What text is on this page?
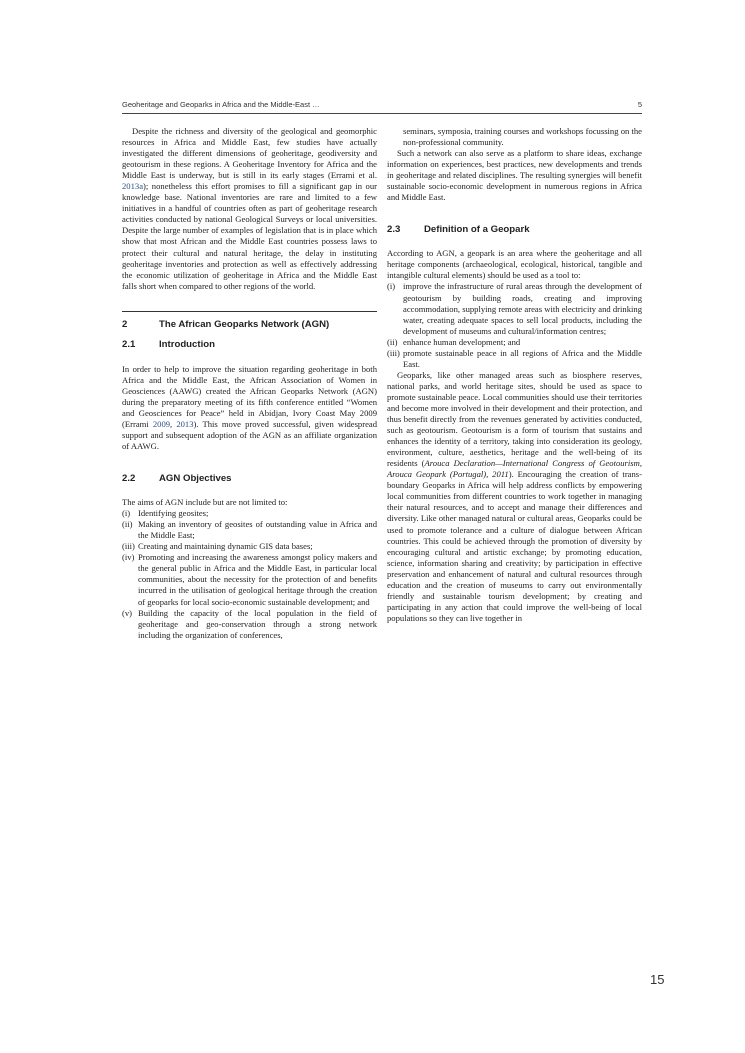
Geoheritage and Geoparks in Africa and the Middle-East …	5

Despite the richness and diversity of the geological and geomorphic resources in Africa and Middle East, few studies have actually investigated the different dimensions of geoheritage, geodiversity and geotourism in these regions. A Geoheritage Inventory for Africa and the Middle East is underway, but is still in its early stages (Errami et al. 2013a); nonetheless this effort promises to fill a significant gap in our knowledge base. National inventories are rare and limited to a few initiatives in a handful of countries often as part of geoheritage research activities conducted by national Geological Surveys or local universities. Despite the large number of examples of legislation that is in place which show that most African and the Middle East countries possess laws to protect their cultural and natural heritage, the delay in instituting geoheritage inventories and protection as well as effectively addressing the economic utilization of geoheritage in Africa and the Middle East falls short when compared to other regions of the world.

2	The African Geoparks Network (AGN)
2.1	Introduction

In order to help to improve the situation regarding geoheritage in both Africa and the Middle East, the African Association of Women in Geosciences (AAWG) created the African Geoparks Network (AGN) during the preparatory meeting of its fifth conference entitled “Women and Geosciences for Peace” held in Abidjan, Ivory Coast May 2009 (Errami 2009, 2013). This move proved successful, given widespread support and subsequent adoption of the AGN as an affiliate organization of AAWG.

2.2	AGN Objectives

The aims of AGN include but are not limited to:

(i) Identifying geosites;
(ii) Making an inventory of geosites of outstanding value in Africa and the Middle East;
(iii) Creating and maintaining dynamic GIS data bases;
(iv) Promoting and increasing the awareness amongst policy makers and the general public in Africa and the Middle East, in particular local communities, about the necessity for the protection of and benefits incurred in the utilisation of geological heritage through the creation of geoparks for local socio-economic sustainable development; and
(v) Building the capacity of the local population in the field of geoheritage and geo-conservation through a strong network including the organization of conferences,

seminars, symposia, training courses and workshops focussing on the non-professional community.

Such a network can also serve as a platform to share ideas, exchange information on experiences, best practices, new developments and trends in geoheritage and related disciplines. The resulting synergies will benefit sustainable socio-economic development in numerous regions in Africa and Middle East.

2.3	Definition of a Geopark

According to AGN, a geopark is an area where the geoheritage and all heritage components (archaeological, ecological, historical, tangible and intangible cultural elements) should be used as a tool to:

(i) improve the infrastructure of rural areas through the development of geotourism by building roads, creating and improving accommodation, supplying remote areas with electricity and drinking water, creating adequate spaces to sell local products, including the development of museums and cultural/information centres;
(ii) enhance human development; and
(iii) promote sustainable peace in all regions of Africa and the Middle East.

Geoparks, like other managed areas such as biosphere reserves, national parks, and world heritage sites, should be used as space to promote sustainable peace. Local communities should use their territories and become more involved in their development and their protection, and thus benefit directly from the revenues generated by activities conducted, such as geotourism. Geotourism is a form of tourism that sustains and enhances the identity of a territory, taking into consideration its geology, environment, culture, aesthetics, heritage and the well-being of its residents (Arouca Declaration—International Congress of Geotourism, Arouca Geopark (Portugal), 2011). Encouraging the creation of trans-boundary Geoparks in Africa will help address conflicts by empowering local communities from different countries to work together in managing their natural resources, and to accept and manage their differences and diversity. Like other managed natural or cultural areas, Geoparks could be used to promote tolerance and a culture of dialogue between African countries. This could be achieved through the promotion of diversity by encouraging cultural and artistic exchange; by promoting education, science, information sharing and creativity; by participation in effective preservation and enhancement of natural and cultural resources through education and the creation of museums to carry out environmentally friendly and sustainable tourism development; by creating and participating in any action that could improve the well-being of local populations so they can live together in

15
